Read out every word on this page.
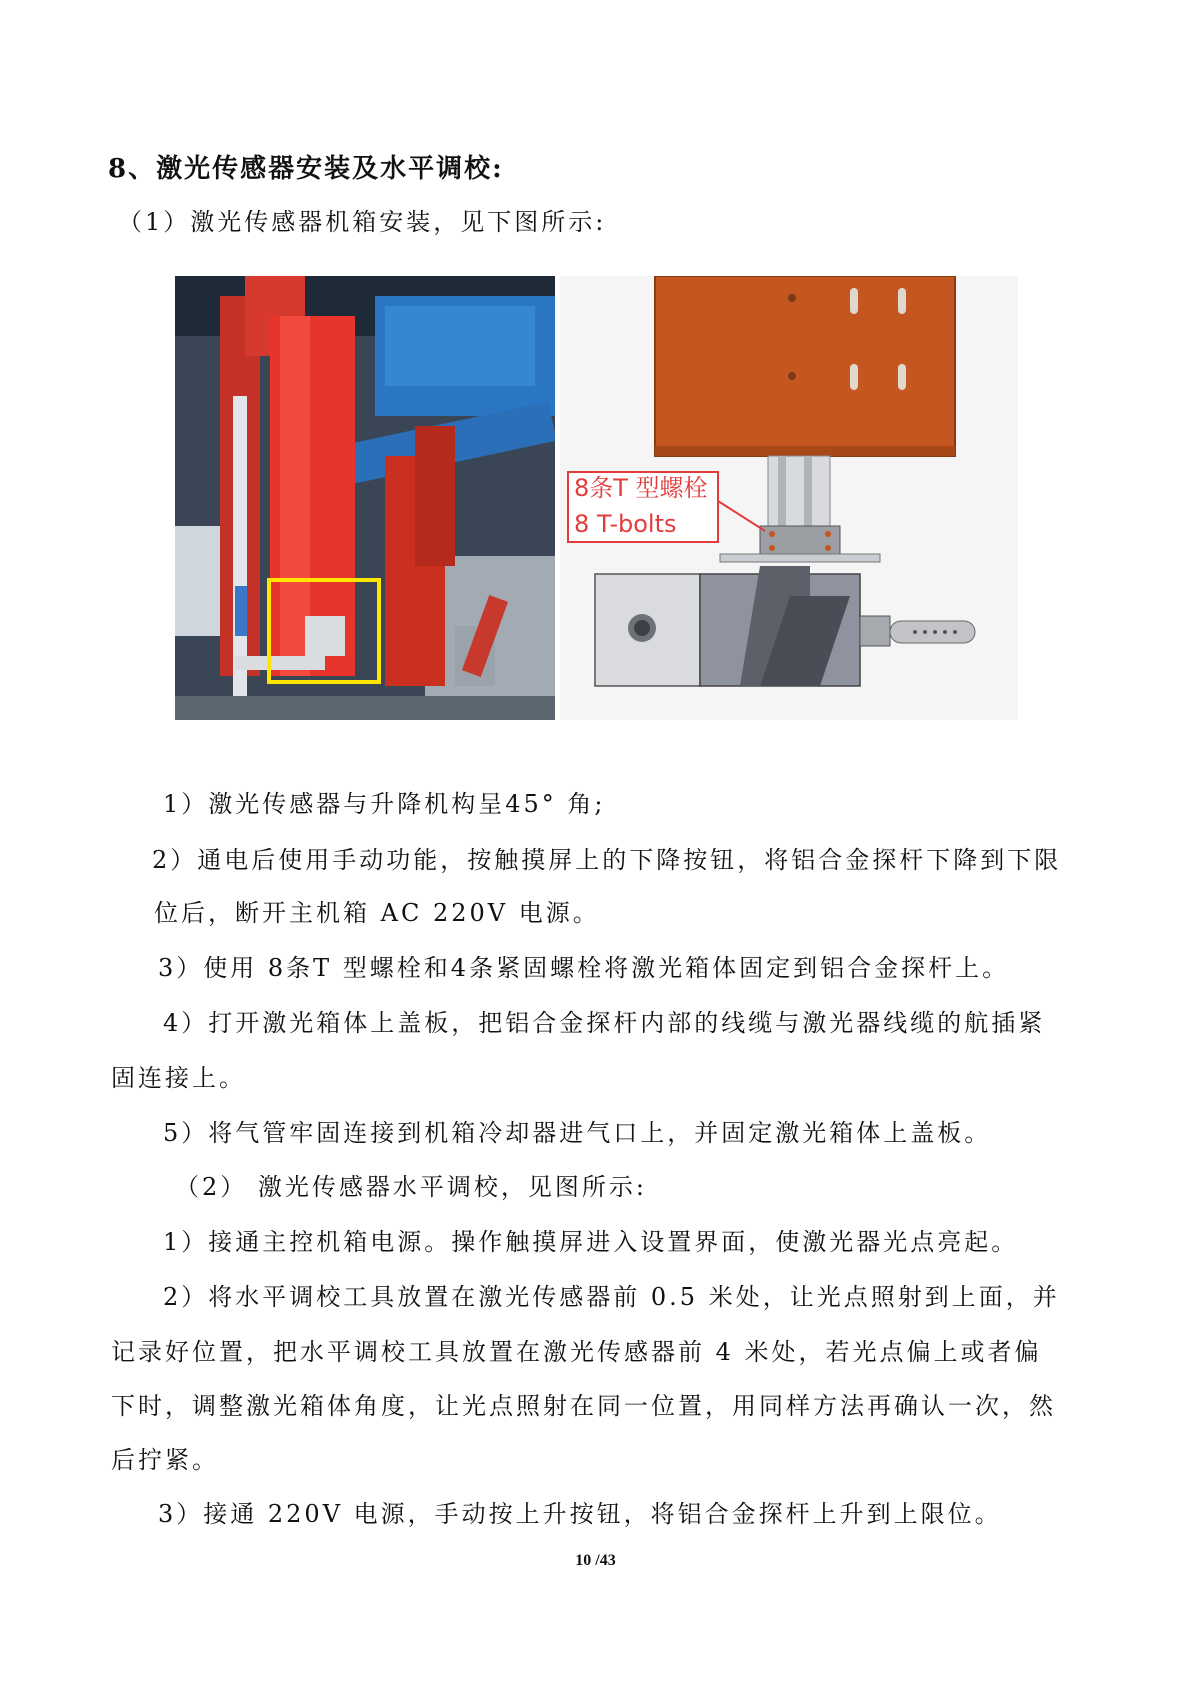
8、激光传感器安装及水平调校:
（1）激光传感器机箱安装，见下图所示:
8条T 型螺栓
8 T-bolts
1）激光传感器与升降机构呈45° 角;
2）通电后使用手动功能，按触摸屏上的下降按钮，将铝合金探杆下降到下限
位后，断开主机箱 AC 220V 电源。
3）使用 8条T 型螺栓和4条紧固螺栓将激光箱体固定到铝合金探杆上。
4）打开激光箱体上盖板，把铝合金探杆内部的线缆与激光器线缆的航插紧
固连接上。
5）将气管牢固连接到机箱冷却器进气口上，并固定激光箱体上盖板。
（2） 激光传感器水平调校，见图所示:
1）接通主控机箱电源。操作触摸屏进入设置界面，使激光器光点亮起。
2）将水平调校工具放置在激光传感器前 0.5 米处，让光点照射到上面，并
记录好位置，把水平调校工具放置在激光传感器前 4 米处，若光点偏上或者偏
下时，调整激光箱体角度，让光点照射在同一位置，用同样方法再确认一次，然
后拧紧。
3）接通 220V 电源，手动按上升按钮，将铝合金探杆上升到上限位。
10 /43
